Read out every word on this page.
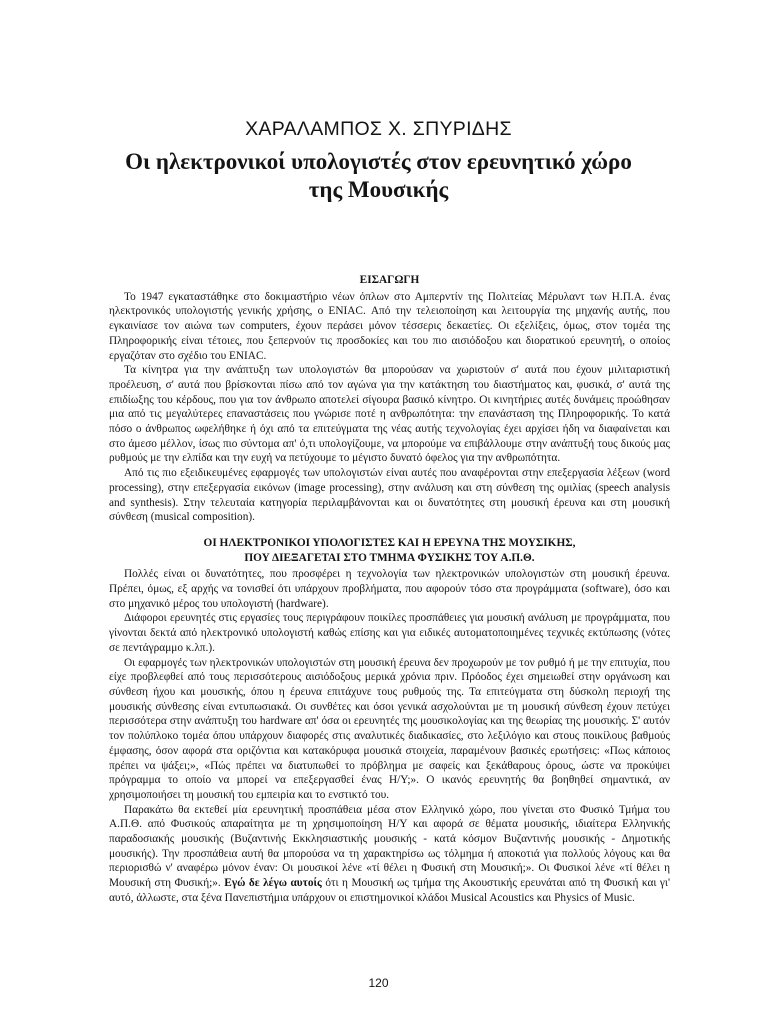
ΧΑΡΑΛΑΜΠΟΣ Χ. ΣΠΥΡΙΔΗΣ
Οι ηλεκτρονικοί υπολογιστές στον ερευνητικό χώρο
της Μουσικής
ΕΙΣΑΓΩΓΗ

Το 1947 εγκαταστάθηκε στο δοκιμαστήριο νέων όπλων στο Αμπερντίν της Πολιτείας Μέρυλαντ των Η.Π.Α. ένας ηλεκτρονικός υπολογιστής γενικής χρήσης, ο ENIAC. Από την τελειοποίηση και λειτουργία της μηχανής αυτής, που εγκαινίασε τον αιώνα των computers, έχουν περάσει μόνον τέσσερις δεκαετίες. Οι εξελίξεις, όμως, στον τομέα της Πληροφορικής είναι τέτοιες, που ξεπερνούν τις προσδοκίες και του πιο αισιόδοξου και διορατικού ερευνητή, ο οποίος εργαζόταν στο σχέδιο του ENIAC.

Τα κίνητρα για την ανάπτυξη των υπολογιστών θα μπορούσαν να χωριστούν σ' αυτά που έχουν μιλιταριστική προέλευση, σ' αυτά που βρίσκονται πίσω από τον αγώνα για την κατάκτηση του διαστήματος και, φυσικά, σ' αυτά της επιδίωξης του κέρδους, που για τον άνθρωπο αποτελεί σίγουρα βασικό κίνητρο. Οι κινητήριες αυτές δυνάμεις προώθησαν μια από τις μεγαλύτερες επαναστάσεις που γνώρισε ποτέ η ανθρωπότητα: την επανάσταση της Πληροφορικής. Το κατά πόσο ο άνθρωπος ωφελήθηκε ή όχι από τα επιτεύγματα της νέας αυτής τεχνολογίας έχει αρχίσει ήδη να διαφαίνεται και στο άμεσο μέλλον, ίσως πιο σύντομα απ' ό,τι υπολογίζουμε, να μπορούμε να επιβάλλουμε στην ανάπτυξή τους δικούς μας ρυθμούς με την ελπίδα και την ευχή να πετύχουμε το μέγιστο δυνατό όφελος για την ανθρωπότητα.

Από τις πιο εξειδικευμένες εφαρμογές των υπολογιστών είναι αυτές που αναφέρονται στην επεξεργασία λέξεων (word processing), στην επεξεργασία εικόνων (image processing), στην ανάλυση και στη σύνθεση της ομιλίας (speech analysis and synthesis). Στην τελευταία κατηγορία περιλαμβάνονται και οι δυνατότητες στη μουσική έρευνα και στη μουσική σύνθεση (musical composition).

ΟΙ ΗΛΕΚΤΡΟΝΙΚΟΙ ΥΠΟΛΟΓΙΣΤΕΣ ΚΑΙ Η ΕΡΕΥΝΑ ΤΗΣ ΜΟΥΣΙΚΗΣ,
ΠΟΥ ΔΙΕΞΑΓΕΤΑΙ ΣΤΟ ΤΜΗΜΑ ΦΥΣΙΚΗΣ ΤΟΥ Α.Π.Θ.

Πολλές είναι οι δυνατότητες, που προσφέρει η τεχνολογία των ηλεκτρονικών υπολογιστών στη μουσική έρευνα. Πρέπει, όμως, εξ αρχής να τονισθεί ότι υπάρχουν προβλήματα, που αφορούν τόσο στα προγράμματα (software), όσο και στο μηχανικό μέρος του υπολογιστή (hardware).

Διάφοροι ερευνητές στις εργασίες τους περιγράφουν ποικίλες προσπάθειες για μουσική ανάλυση με προγράμματα, που γίνονται δεκτά από ηλεκτρονικό υπολογιστή καθώς επίσης και για ειδικές αυτοματοποιημένες τεχνικές εκτύπωσης (νότες σε πεντάγραμμο κ.λπ.).

Οι εφαρμογές των ηλεκτρονικών υπολογιστών στη μουσική έρευνα δεν προχωρούν με τον ρυθμό ή με την επιτυχία, που είχε προβλεφθεί από τους περισσότερους αισιόδοξους μερικά χρόνια πριν. Πρόοδος έχει σημειωθεί στην οργάνωση και σύνθεση ήχου και μουσικής, όπου η έρευνα επιτάχυνε τους ρυθμούς της. Τα επιτεύγματα στη δύσκολη περιοχή της μουσικής σύνθεσης είναι εντυπωσιακά. Οι συνθέτες και όσοι γενικά ασχολούνται με τη μουσική σύνθεση έχουν πετύχει περισσότερα στην ανάπτυξη του hardware απ' όσα οι ερευνητές της μουσικολογίας και της θεωρίας της μουσικής. Σ' αυτόν τον πολύπλοκο τομέα όπου υπάρχουν διαφορές στις αναλυτικές διαδικασίες, στο λεξιλόγιο και στους ποικίλους βαθμούς έμφασης, όσον αφορά στα οριζόντια και κατακόρυφα μουσικά στοιχεία, παραμένουν βασικές ερωτήσεις: «Πως κάποιος πρέπει να ψάξει;», «Πώς πρέπει να διατυπωθεί το πρόβλημα με σαφείς και ξεκάθαρους όρους, ώστε να προκύψει πρόγραμμα το οποίο να μπορεί να επεξεργασθεί ένας Η/Υ;». Ο ικανός ερευνητής θα βοηθηθεί σημαντικά, αν χρησιμοποιήσει τη μουσική του εμπειρία και το ενστικτό του.

Παρακάτω θα εκτεθεί μία ερευνητική προσπάθεια μέσα στον Ελληνικό χώρο, που γίνεται στο Φυσικό Τμήμα του Α.Π.Θ. από Φυσικούς απαραίτητα με τη χρησιμοποίηση Η/Υ και αφορά σε θέματα μουσικής, ιδιαίτερα Ελληνικής παραδοσιακής μουσικής (Βυζαντινής Εκκλησιαστικής μουσικής - κατά κόσμον Βυζαντινής μουσικής - Δημοτικής μουσικής). Την προσπάθεια αυτή θα μπορούσα να τη χαρακτηρίσω ως τόλμημα ή αποκοτιά για πολλούς λόγους και θα περιορισθώ ν' αναφέρω μόνον έναν: Οι μουσικοί λένε «τί θέλει η Φυσική στη Μουσική;». Οι Φυσικοί λένε «τί θέλει η Μουσική στη Φυσική;». Εγώ δε λέγω αυτοίς ότι η Μουσική ως τμήμα της Ακουστικής ερευνάται από τη Φυσική και γι' αυτό, άλλωστε, στα ξένα Πανεπιστήμια υπάρχουν οι επιστημονικοί κλάδοι Musical Acoustics και Physics of Music.

120
